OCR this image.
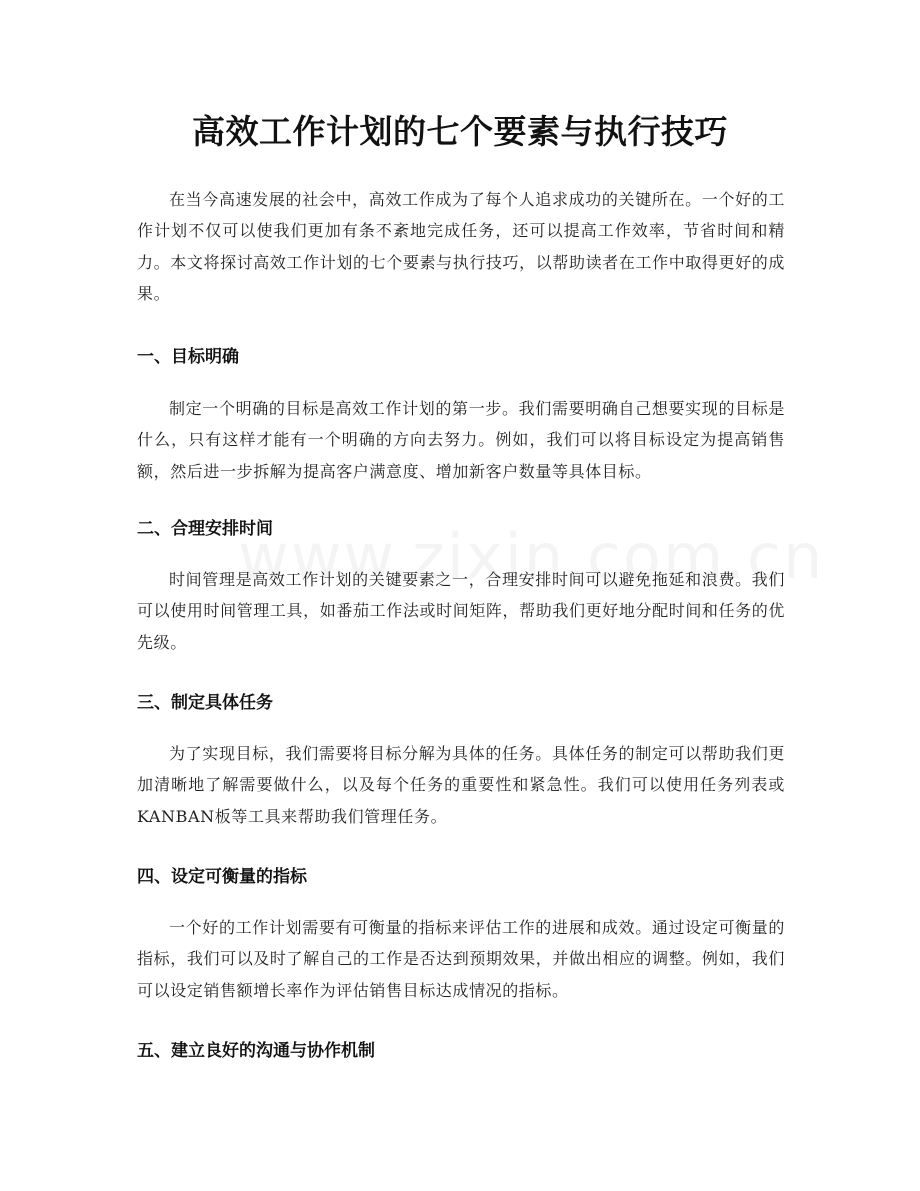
高效工作计划的七个要素与执行技巧

在当今高速发展的社会中，高效工作成为了每个人追求成功的关键所在。一个好的工作计划不仅可以使我们更加有条不紊地完成任务，还可以提高工作效率，节省时间和精力。本文将探讨高效工作计划的七个要素与执行技巧，以帮助读者在工作中取得更好的成果。

一、目标明确

制定一个明确的目标是高效工作计划的第一步。我们需要明确自己想要实现的目标是什么，只有这样才能有一个明确的方向去努力。例如，我们可以将目标设定为提高销售额，然后进一步拆解为提高客户满意度、增加新客户数量等具体目标。

二、合理安排时间

时间管理是高效工作计划的关键要素之一，合理安排时间可以避免拖延和浪费。我们可以使用时间管理工具，如番茄工作法或时间矩阵，帮助我们更好地分配时间和任务的优先级。

三、制定具体任务

为了实现目标，我们需要将目标分解为具体的任务。具体任务的制定可以帮助我们更加清晰地了解需要做什么，以及每个任务的重要性和紧急性。我们可以使用任务列表或KANBAN板等工具来帮助我们管理任务。

四、设定可衡量的指标

一个好的工作计划需要有可衡量的指标来评估工作的进展和成效。通过设定可衡量的指标，我们可以及时了解自己的工作是否达到预期效果，并做出相应的调整。例如，我们可以设定销售额增长率作为评估销售目标达成情况的指标。

五、建立良好的沟通与协作机制
